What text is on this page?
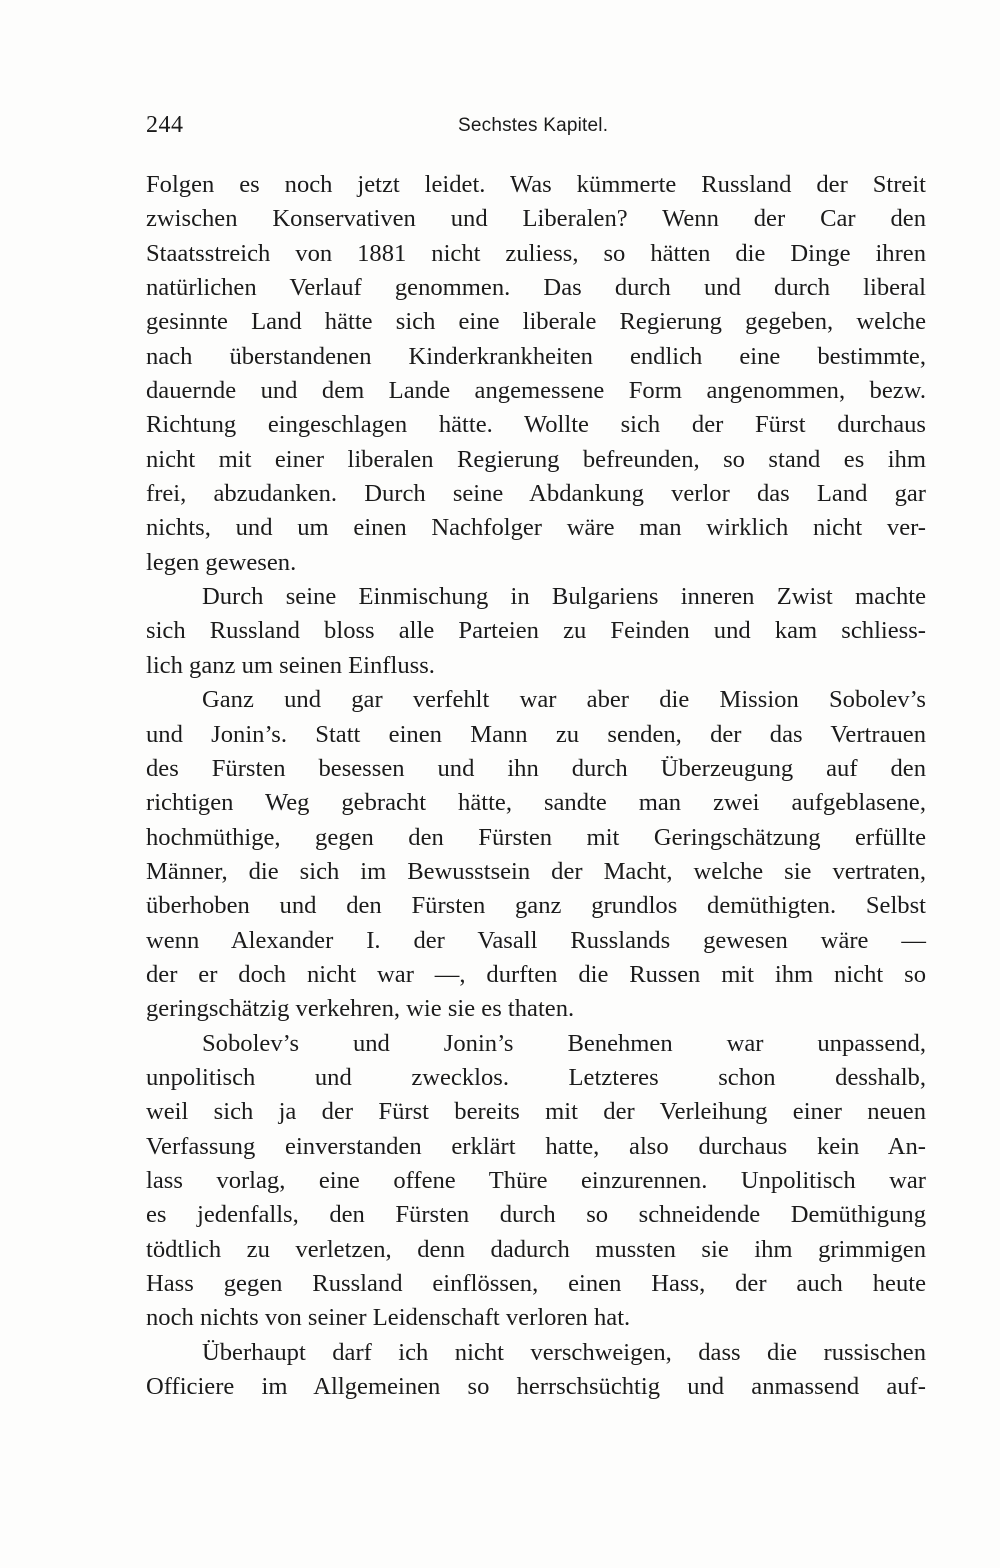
244	Sechstes Kapitel.
Folgen es noch jetzt leidet. Was kümmerte Russland der Streit
zwischen Konservativen und Liberalen? Wenn der Car den
Staatsstreich von 1881 nicht zuliess, so hätten die Dinge ihren
natürlichen Verlauf genommen. Das durch und durch liberal
gesinnte Land hätte sich eine liberale Regierung gegeben, welche
nach überstandenen Kinderkrankheiten endlich eine bestimmte,
dauernde und dem Lande angemessene Form angenommen, bezw.
Richtung eingeschlagen hätte. Wollte sich der Fürst durchaus
nicht mit einer liberalen Regierung befreunden, so stand es ihm
frei, abzudanken. Durch seine Abdankung verlor das Land gar
nichts, und um einen Nachfolger wäre man wirklich nicht ver-
legen gewesen.
Durch seine Einmischung in Bulgariens inneren Zwist machte
sich Russland bloss alle Parteien zu Feinden und kam schliess-
lich ganz um seinen Einfluss.
Ganz und gar verfehlt war aber die Mission Sobolev’s
und Jonin’s. Statt einen Mann zu senden, der das Vertrauen
des Fürsten besessen und ihn durch Überzeugung auf den
richtigen Weg gebracht hätte, sandte man zwei aufgeblasene,
hochmüthige, gegen den Fürsten mit Geringschätzung erfüllte
Männer, die sich im Bewusstsein der Macht, welche sie vertraten,
überhoben und den Fürsten ganz grundlos demüthigten. Selbst
wenn Alexander I. der Vasall Russlands gewesen wäre —
der er doch nicht war —, durften die Russen mit ihm nicht so
geringschätzig verkehren, wie sie es thaten.
Sobolev’s und Jonin’s Benehmen war unpassend,
unpolitisch und zwecklos. Letzteres schon desshalb,
weil sich ja der Fürst bereits mit der Verleihung einer neuen
Verfassung einverstanden erklärt hatte, also durchaus kein An-
lass vorlag, eine offene Thüre einzurennen. Unpolitisch war
es jedenfalls, den Fürsten durch so schneidende Demüthigung
tödtlich zu verletzen, denn dadurch mussten sie ihm grimmigen
Hass gegen Russland einflössen, einen Hass, der auch heute
noch nichts von seiner Leidenschaft verloren hat.
Überhaupt darf ich nicht verschweigen, dass die russischen
Officiere im Allgemeinen so herrschsüchtig und anmassend auf-
